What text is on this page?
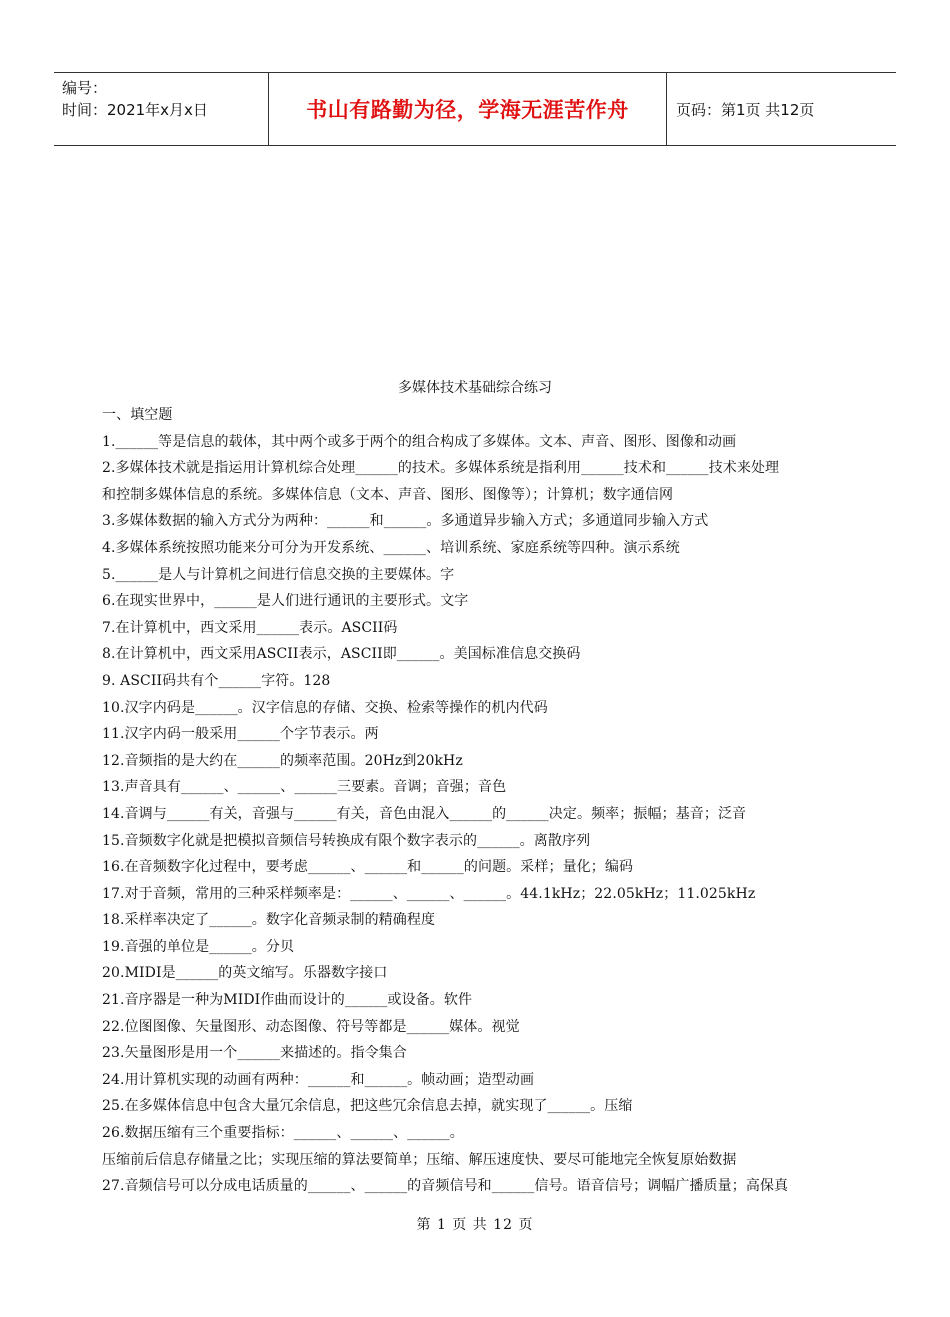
编号：
时间：2021年x月x日	书山有路勤为径，学海无涯苦作舟	页码：第1页 共12页
多媒体技术基础综合练习
一、填空题
1.______等是信息的载体，其中两个或多于两个的组合构成了多媒体。文本、声音、图形、图像和动画
2.多媒体技术就是指运用计算机综合处理______的技术。多媒体系统是指利用______技术和______技术来处理
和控制多媒体信息的系统。多媒体信息（文本、声音、图形、图像等）；计算机；数字通信网
3.多媒体数据的输入方式分为两种：______和______。多通道异步输入方式；多通道同步输入方式
4.多媒体系统按照功能来分可分为开发系统、______、培训系统、家庭系统等四种。演示系统
5.______是人与计算机之间进行信息交换的主要媒体。字
6.在现实世界中，______是人们进行通讯的主要形式。文字
7.在计算机中，西文采用______表示。ASCII码
8.在计算机中，西文采用ASCII表示，ASCII即______。美国标准信息交换码
9. ASCII码共有个______字符。128
10.汉字内码是______。汉字信息的存储、交换、检索等操作的机内代码
11.汉字内码一般采用______个字节表示。两
12.音频指的是大约在______的频率范围。20Hz到20kHz
13.声音具有______、______、______三要素。音调；音强；音色
14.音调与______有关，音强与______有关，音色由混入______的______决定。频率；振幅；基音；泛音
15.音频数字化就是把模拟音频信号转换成有限个数字表示的______。离散序列
16.在音频数字化过程中，要考虑______、______和______的问题。采样；量化；编码
17.对于音频，常用的三种采样频率是：______、______、______。44.1kHz；22.05kHz；11.025kHz
18.采样率决定了______。数字化音频录制的精确程度
19.音强的单位是______。分贝
20.MIDI是______的英文缩写。乐器数字接口
21.音序器是一种为MIDI作曲而设计的______或设备。软件
22.位图图像、矢量图形、动态图像、符号等都是______媒体。视觉
23.矢量图形是用一个______来描述的。指令集合
24.用计算机实现的动画有两种：______和______。帧动画；造型动画
25.在多媒体信息中包含大量冗余信息，把这些冗余信息去掉，就实现了______。压缩
26.数据压缩有三个重要指标：______、______、______。
压缩前后信息存储量之比；实现压缩的算法要简单；压缩、解压速度快、要尽可能地完全恢复原始数据
27.音频信号可以分成电话质量的______、______的音频信号和______信号。语音信号；调幅广播质量；高保真
第 1 页 共 12 页
